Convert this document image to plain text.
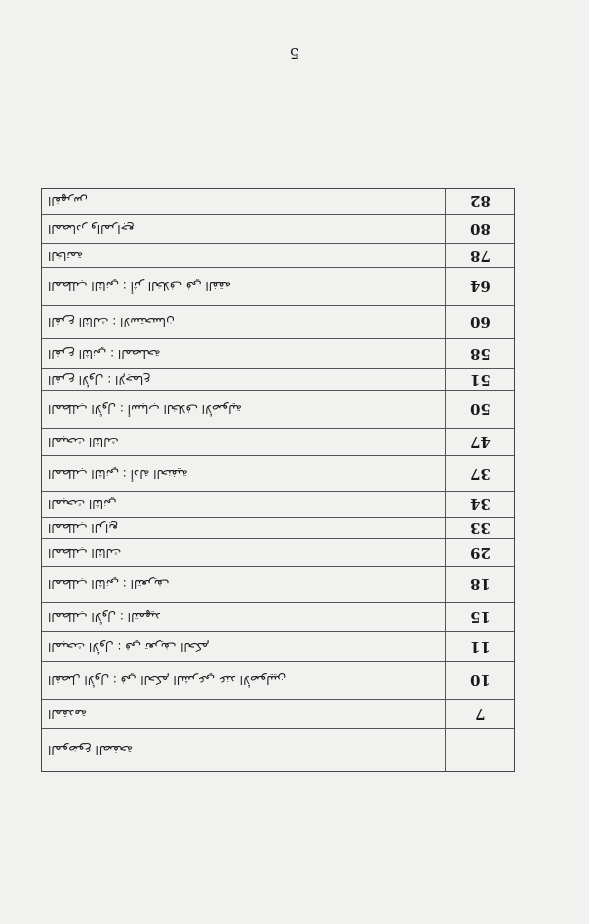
5
الفهرس	82
المصادر والمراجع	80
الخاتمة	78
المطلب الثاني : أثر الخلاف في الفقه	64
الفرع الثالث : الاستحسان	60
الفرع الثاني : المصلحة	58
الفرع الأول : الإجماع	51
المطلب الأول : أسباب الخلاف الأصولية	50
المبحث الثالث	47
المطلب الثاني : أدلة الحنفية	37
المبحث الثاني	34
المطلب الرابع	33
المطلب الثالث	29
المطلب الثاني : التعريف	18
المطلب الأول : التمهيد	15
المبحث الأول : في تعريف الحكم	11
الفصل الأول : في الحكم الشرعي عند الأصوليين	10
المقدمة	7
الموضوع الصفحة
